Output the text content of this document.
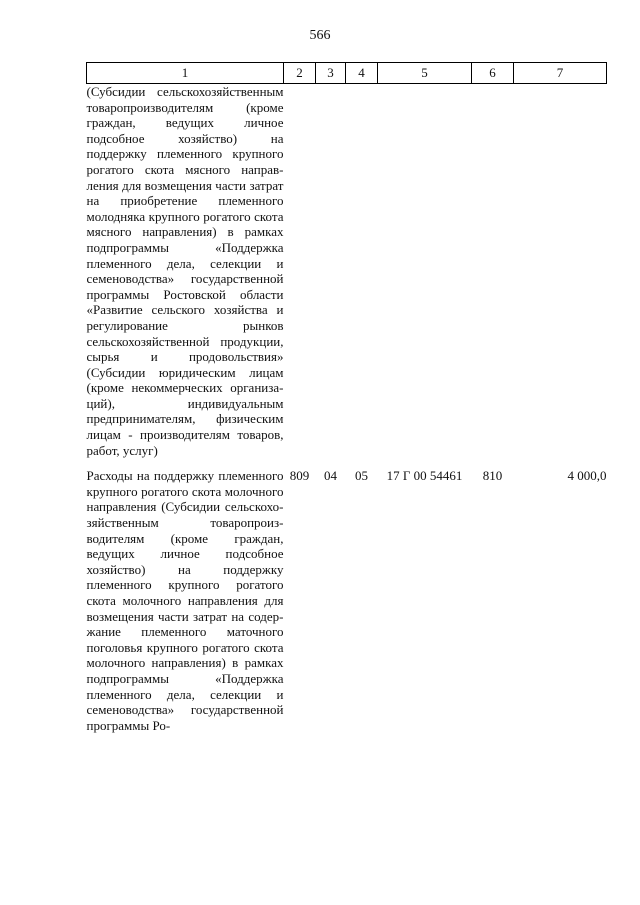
566
1	2	3	4	5	6	7
(Субсидии сельскохозяйственным товаропроизводителям (кроме граждан, ведущих личное подсобное хозяйство) на поддержку племенного крупного рогатого скота мясного направления для возмещения части затрат на приобретение племенного молодняка крупного рогатого скота мясного направления) в рамках подпрограммы «Поддержка племенного дела, селекции и семеноводства» государственной программы Ростовской области «Развитие сельского хозяйства и регулирование рынков сельскохозяйственной продукции, сырья и продовольствия» (Субсидии юридическим лицам (кроме некоммерческих организаций), индивидуальным предпринимателям, физическим лицам - производителям товаров, работ, услуг)						

Расходы на поддержку племенного крупного рогатого скота молочного направления (Субсидии сельскохозяйственным товаропроизводителям (кроме граждан, ведущих личное подсобное хозяйство) на поддержку племенного крупного рогатого скота молочного направления для возмещения части затрат на содержание племенного маточного поголовья крупного рогатого скота молочного направления) в рамках подпрограммы «Поддержка племенного дела, селекции и семеноводства» государственной программы Ро-	809	04	05	17 Г 00 54461	810	4 000,0
